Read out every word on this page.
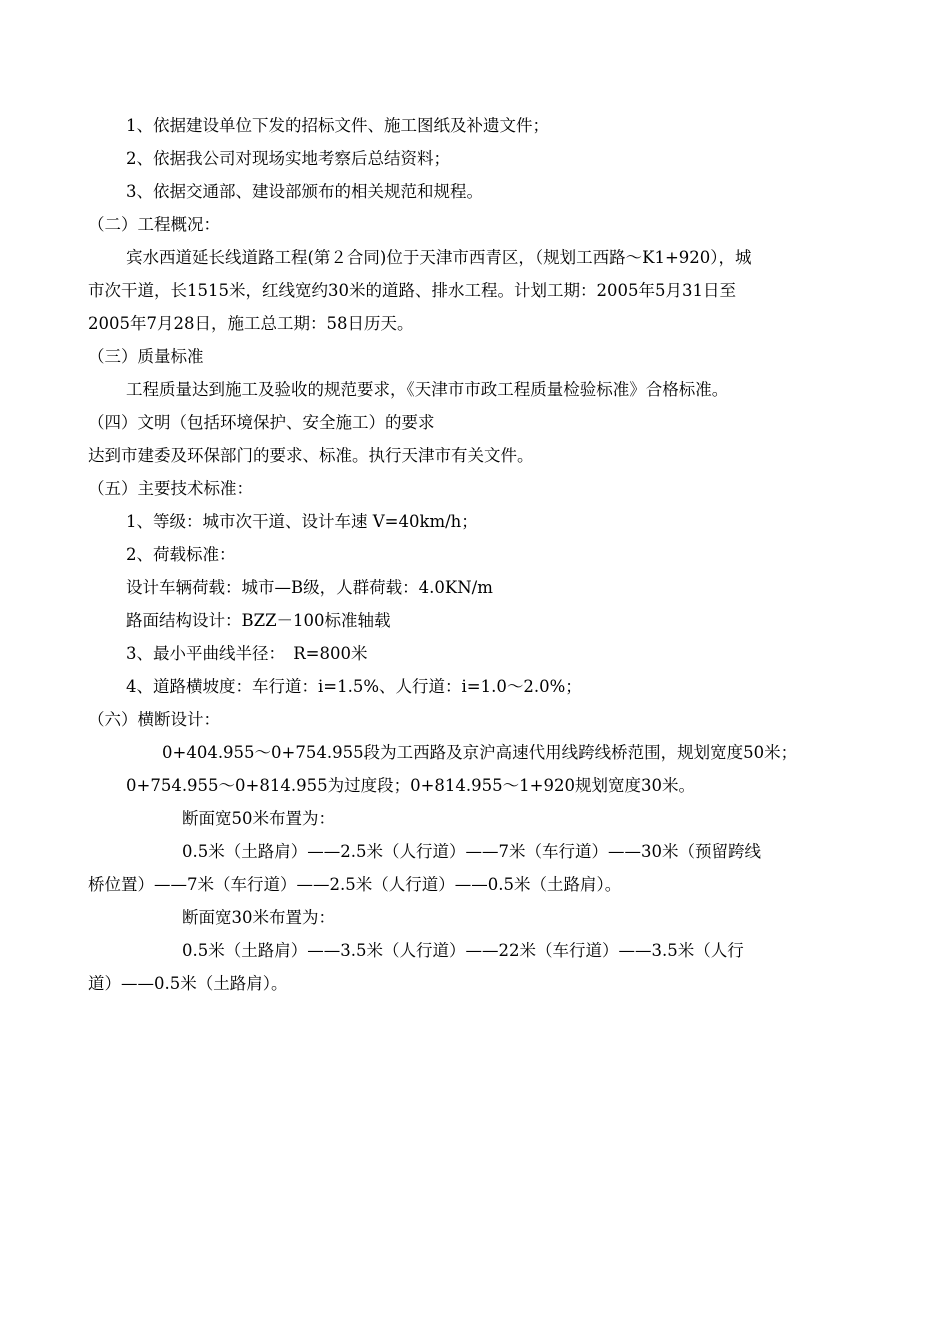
1、依据建设单位下发的招标文件、施工图纸及补遗文件；
2、依据我公司对现场实地考察后总结资料；
3、依据交通部、建设部颁布的相关规范和规程。
（二）工程概况：
宾水西道延长线道路工程(第２合同)位于天津市西青区，（规划工西路～K1+920），城
市次干道，长1515米，红线宽约30米的道路、排水工程。计划工期：2005年5月31日至
2005年7月28日，施工总工期：58日历天。
（三）质量标准
工程质量达到施工及验收的规范要求，《天津市市政工程质量检验标准》合格标准。
（四）文明（包括环境保护、安全施工）的要求
达到市建委及环保部门的要求、标准。执行天津市有关文件。
（五）主要技术标准：
1、等级：城市次干道、设计车速 V=40km/h；
2、荷载标准：
设计车辆荷载：城市—B级，人群荷载：4.0KN/m
路面结构设计：BZZ－100标准轴载
3、最小平曲线半径：　R=800米
4、道路横坡度：车行道：i=1.5%、人行道：i=1.0～2.0%；
（六）横断设计：
0+404.955～0+754.955段为工西路及京沪高速代用线跨线桥范围，规划宽度50米；
0+754.955～0+814.955为过度段；0+814.955～1+920规划宽度30米。
断面宽50米布置为：
0.5米（土路肩）——2.5米（人行道）——7米（车行道）——30米（预留跨线
桥位置）——7米（车行道）——2.5米（人行道）——0.5米（土路肩）。
断面宽30米布置为：
0.5米（土路肩）——3.5米（人行道）——22米（车行道）——3.5米（人行
道）——0.5米（土路肩）。
